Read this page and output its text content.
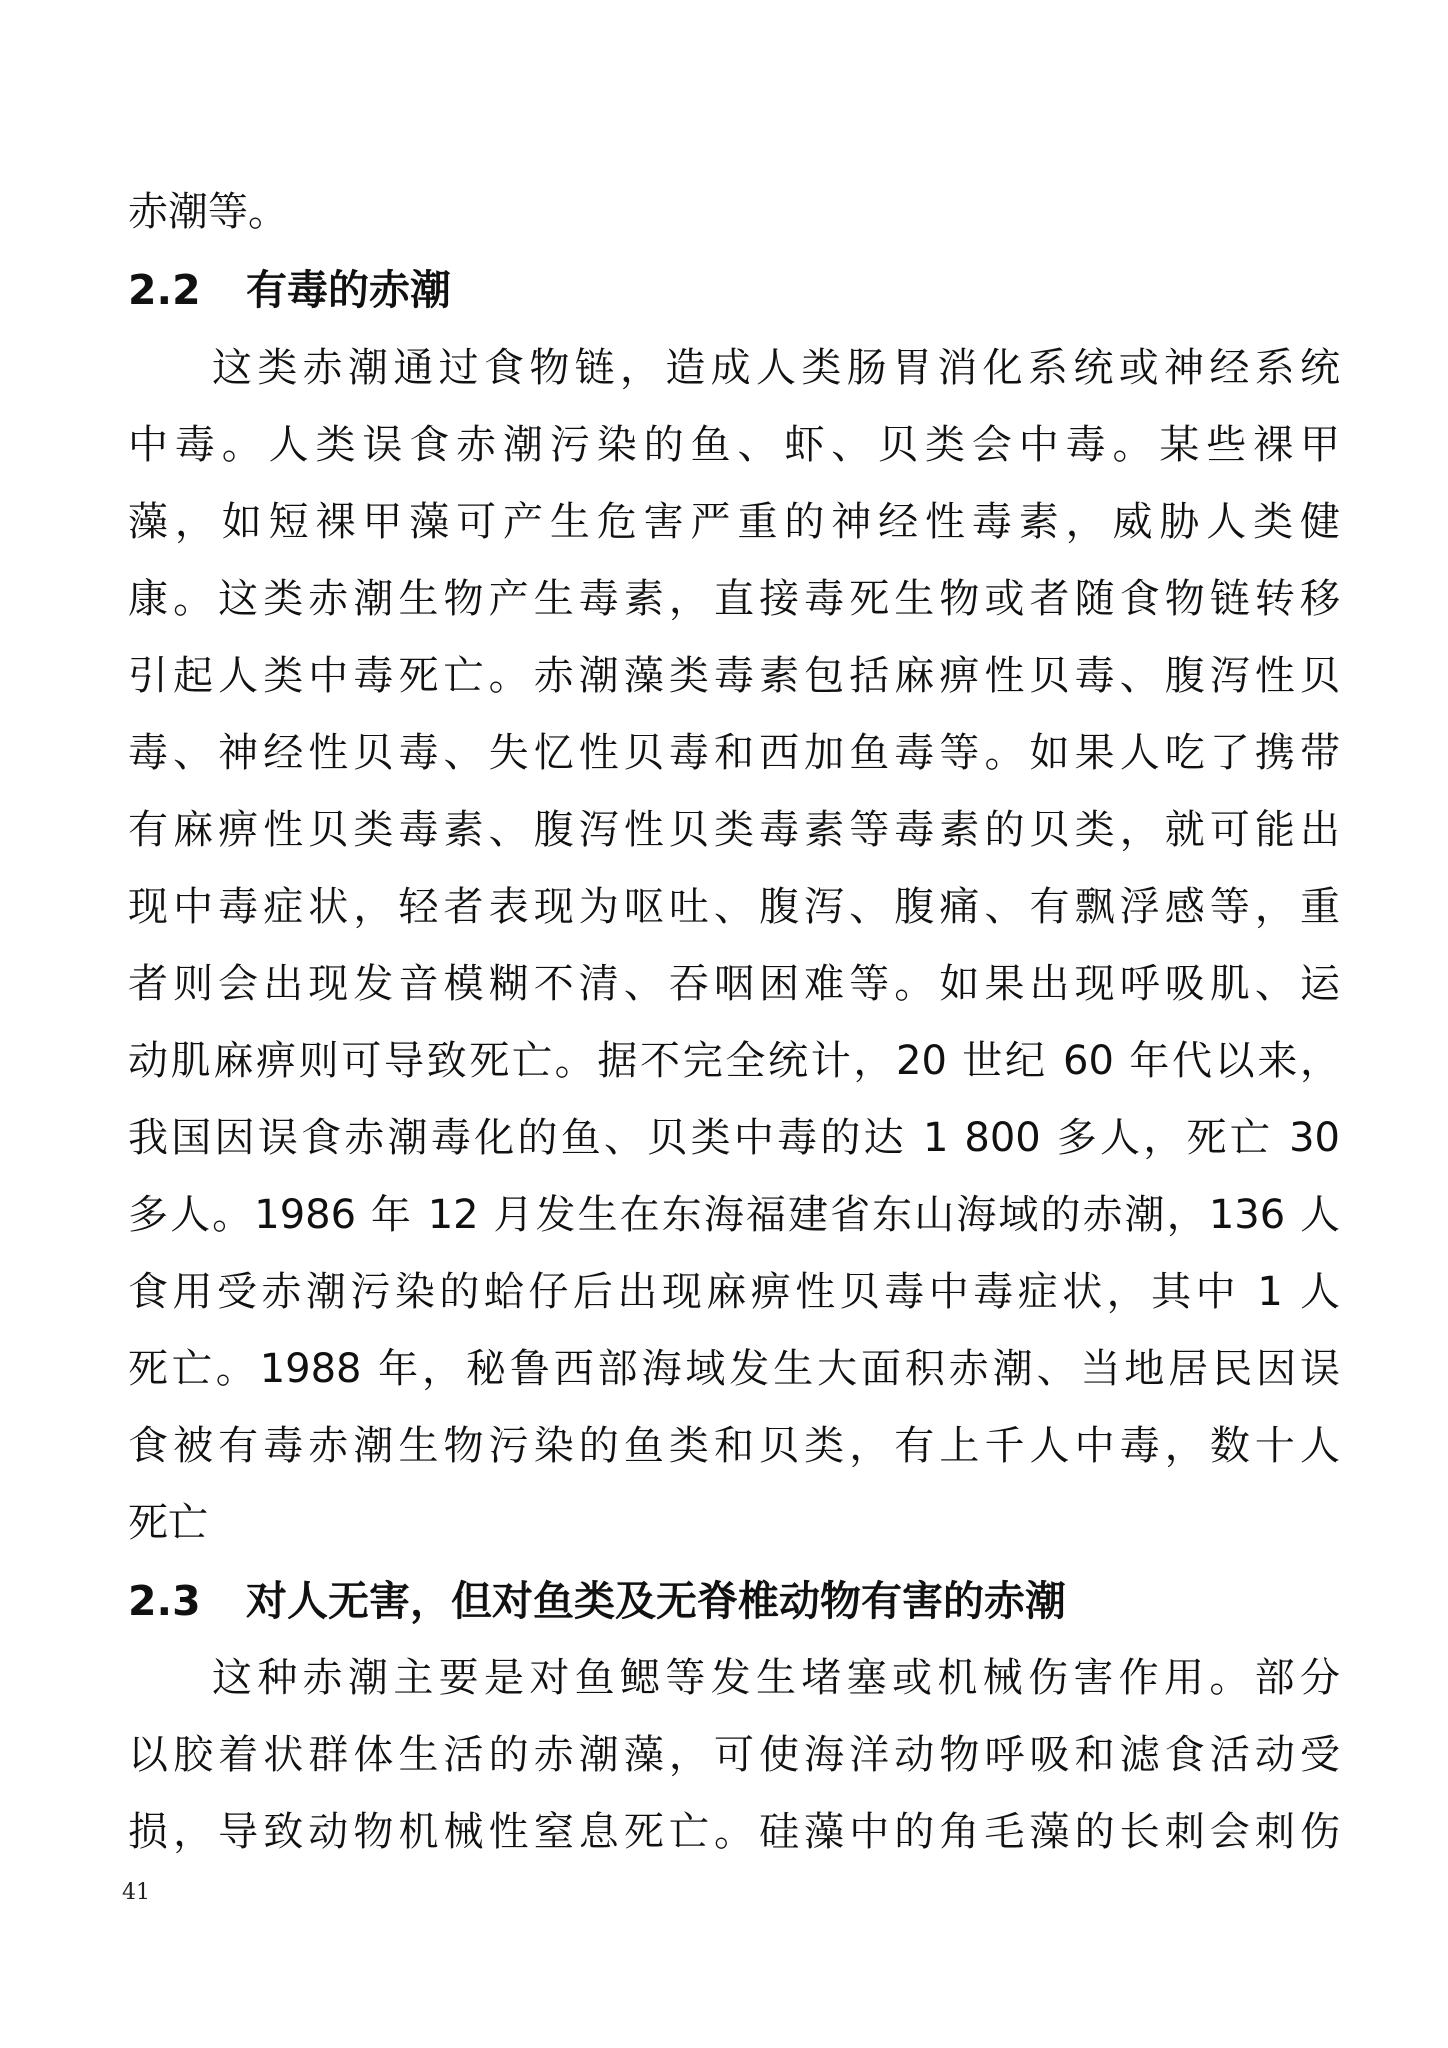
赤潮等。
2.2 有毒的赤潮
这类赤潮通过食物链，造成人类肠胃消化系统或神经系统
中毒。人类误食赤潮污染的鱼、虾、贝类会中毒。某些裸甲
藻，如短裸甲藻可产生危害严重的神经性毒素，威胁人类健
康。这类赤潮生物产生毒素，直接毒死生物或者随食物链转移
引起人类中毒死亡。赤潮藻类毒素包括麻痹性贝毒、腹泻性贝
毒、神经性贝毒、失忆性贝毒和西加鱼毒等。如果人吃了携带
有麻痹性贝类毒素、腹泻性贝类毒素等毒素的贝类，就可能出
现中毒症状，轻者表现为呕吐、腹泻、腹痛、有飘浮感等，重
者则会出现发音模糊不清、吞咽困难等。如果出现呼吸肌、运
动肌麻痹则可导致死亡。据不完全统计，20 世纪 60 年代以来，
我国因误食赤潮毒化的鱼、贝类中毒的达 1 800 多人，死亡 30
多人。1986 年 12 月发生在东海福建省东山海域的赤潮，136 人
食用受赤潮污染的蛤仔后出现麻痹性贝毒中毒症状，其中 1 人
死亡。1988 年，秘鲁西部海域发生大面积赤潮、当地居民因误
食被有毒赤潮生物污染的鱼类和贝类，有上千人中毒，数十人
死亡
2.3 对人无害，但对鱼类及无脊椎动物有害的赤潮
这种赤潮主要是对鱼鳃等发生堵塞或机械伤害作用。部分
以胶着状群体生活的赤潮藻，可使海洋动物呼吸和滤食活动受
损，导致动物机械性窒息死亡。硅藻中的角毛藻的长刺会刺伤
41
